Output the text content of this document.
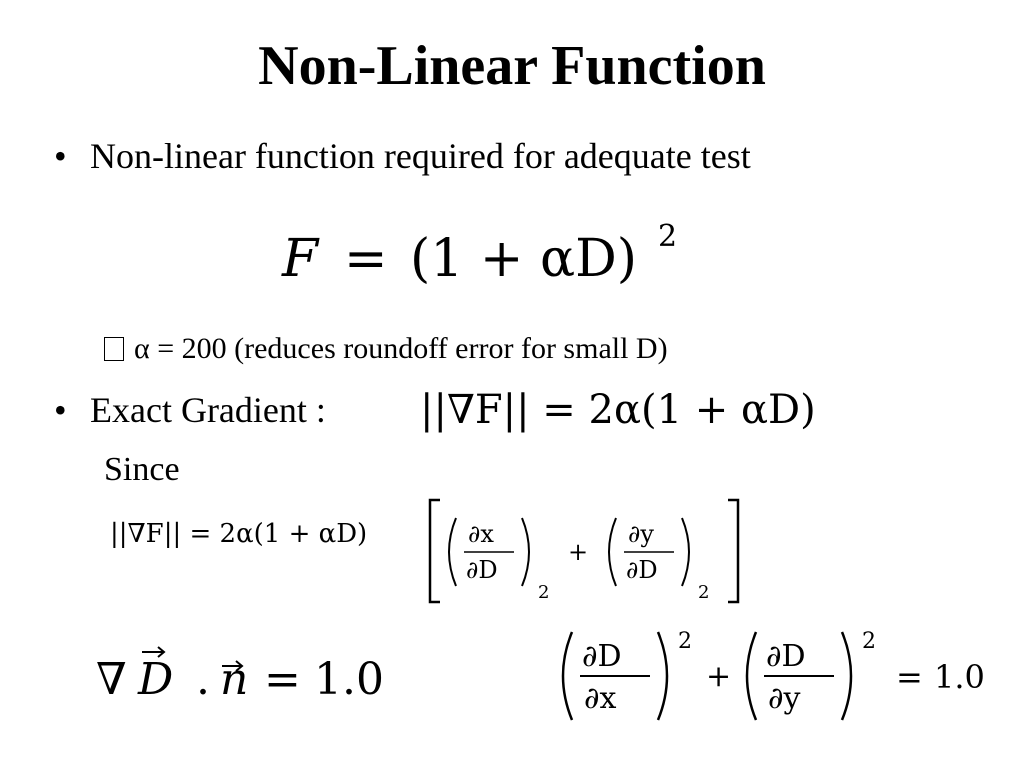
Non-Linear Function
• Non-linear function required for adequate test
F = (1 + αD) 2
α = 200 (reduces roundoff error for small D)
• Exact Gradient : ||∇F|| = 2α(1 + αD)
Since
||∇F|| = 2α(1 + αD)	∂x
∂D
2
+
∂y
∂D
2
∇ D . n = 1.0	∂D
∂x
2
+
∂D
∂y
2
= 1.0
